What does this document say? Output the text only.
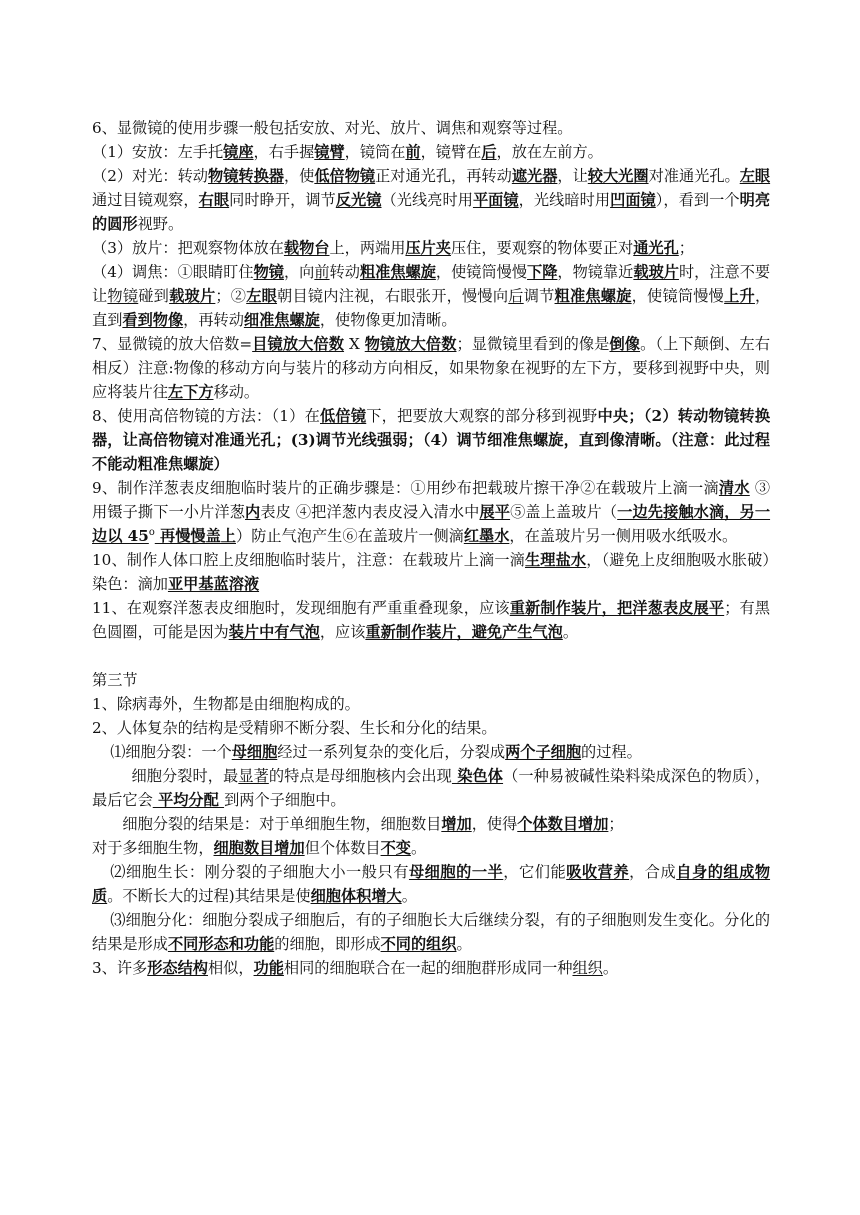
6、显微镜的使用步骤一般包括安放、对光、放片、调焦和观察等过程。

（1）安放：左手托镜座，右手握镜臂，镜筒在前，镜臂在后，放在左前方。

（2）对光：转动物镜转换器，使低倍物镜正对通光孔，再转动遮光器，让较大光圈对准通光孔。左眼通过目镜观察，右眼同时睁开，调节反光镜（光线亮时用平面镜，光线暗时用凹面镜），看到一个明亮的圆形视野。

（3）放片：把观察物体放在载物台上，两端用压片夹压住，要观察的物体要正对通光孔；

（4）调焦：①眼睛盯住物镜，向前转动粗准焦螺旋，使镜筒慢慢下降，物镜靠近载玻片时，注意不要让物镜碰到载玻片；②左眼朝目镜内注视，右眼张开，慢慢向后调节粗准焦螺旋，使镜筒慢慢上升，直到看到物像，再转动细准焦螺旋，使物像更加清晰。

7、显微镜的放大倍数=目镜放大倍数 X 物镜放大倍数；显微镜里看到的像是倒像。（上下颠倒、左右相反）注意:物像的移动方向与装片的移动方向相反，如果物象在视野的左下方，要移到视野中央，则应将装片往左下方移动。

8、使用高倍物镜的方法：（1）在低倍镜下，把要放大观察的部分移到视野中央；（2）转动物镜转换器，让高倍物镜对准通光孔；(3)调节光线强弱；（4）调节细准焦螺旋，直到像清晰。（注意：此过程不能动粗准焦螺旋）

9、制作洋葱表皮细胞临时装片的正确步骤是：①用纱布把载玻片擦干净②在载玻片上滴一滴清水 ③用镊子撕下一小片洋葱内表皮 ④把洋葱内表皮浸入清水中展平⑤盖上盖玻片（一边先接触水滴，另一边以 45$^o$ 再慢慢盖上）防止气泡产生⑥在盖玻片一侧滴红墨水，在盖玻片另一侧用吸水纸吸水。

10、制作人体口腔上皮细胞临时装片，注意：在载玻片上滴一滴生理盐水，（避免上皮细胞吸水胀破）染色：滴加亚甲基蓝溶液

11、在观察洋葱表皮细胞时，发现细胞有严重重叠现象，应该重新制作装片，把洋葱表皮展平；有黑色圆圈，可能是因为装片中有气泡，应该重新制作装片，避免产生气泡。

第三节

1、除病毒外，生物都是由细胞构成的。

2、人体复杂的结构是受精卵不断分裂、生长和分化的结果。

⑴细胞分裂：一个母细胞经过一系列复杂的变化后，分裂成两个子细胞的过程。

细胞分裂时，最显著的特点是母细胞核内会出现 染色体（一种易被碱性染料染成深色的物质），最后它会 平均分配 到两个子细胞中。

细胞分裂的结果是：对于单细胞生物，细胞数目增加，使得个体数目增加；

对于多细胞生物，细胞数目增加但个体数目不变。

⑵细胞生长：刚分裂的子细胞大小一般只有母细胞的一半，它们能吸收营养，合成自身的组成物质。不断长大的过程)其结果是使细胞体积增大。

⑶细胞分化：细胞分裂成子细胞后，有的子细胞长大后继续分裂，有的子细胞则发生变化。分化的结果是形成不同形态和功能的细胞，即形成不同的组织。

3、许多形态结构相似，功能相同的细胞联合在一起的细胞群形成同一种组织。
